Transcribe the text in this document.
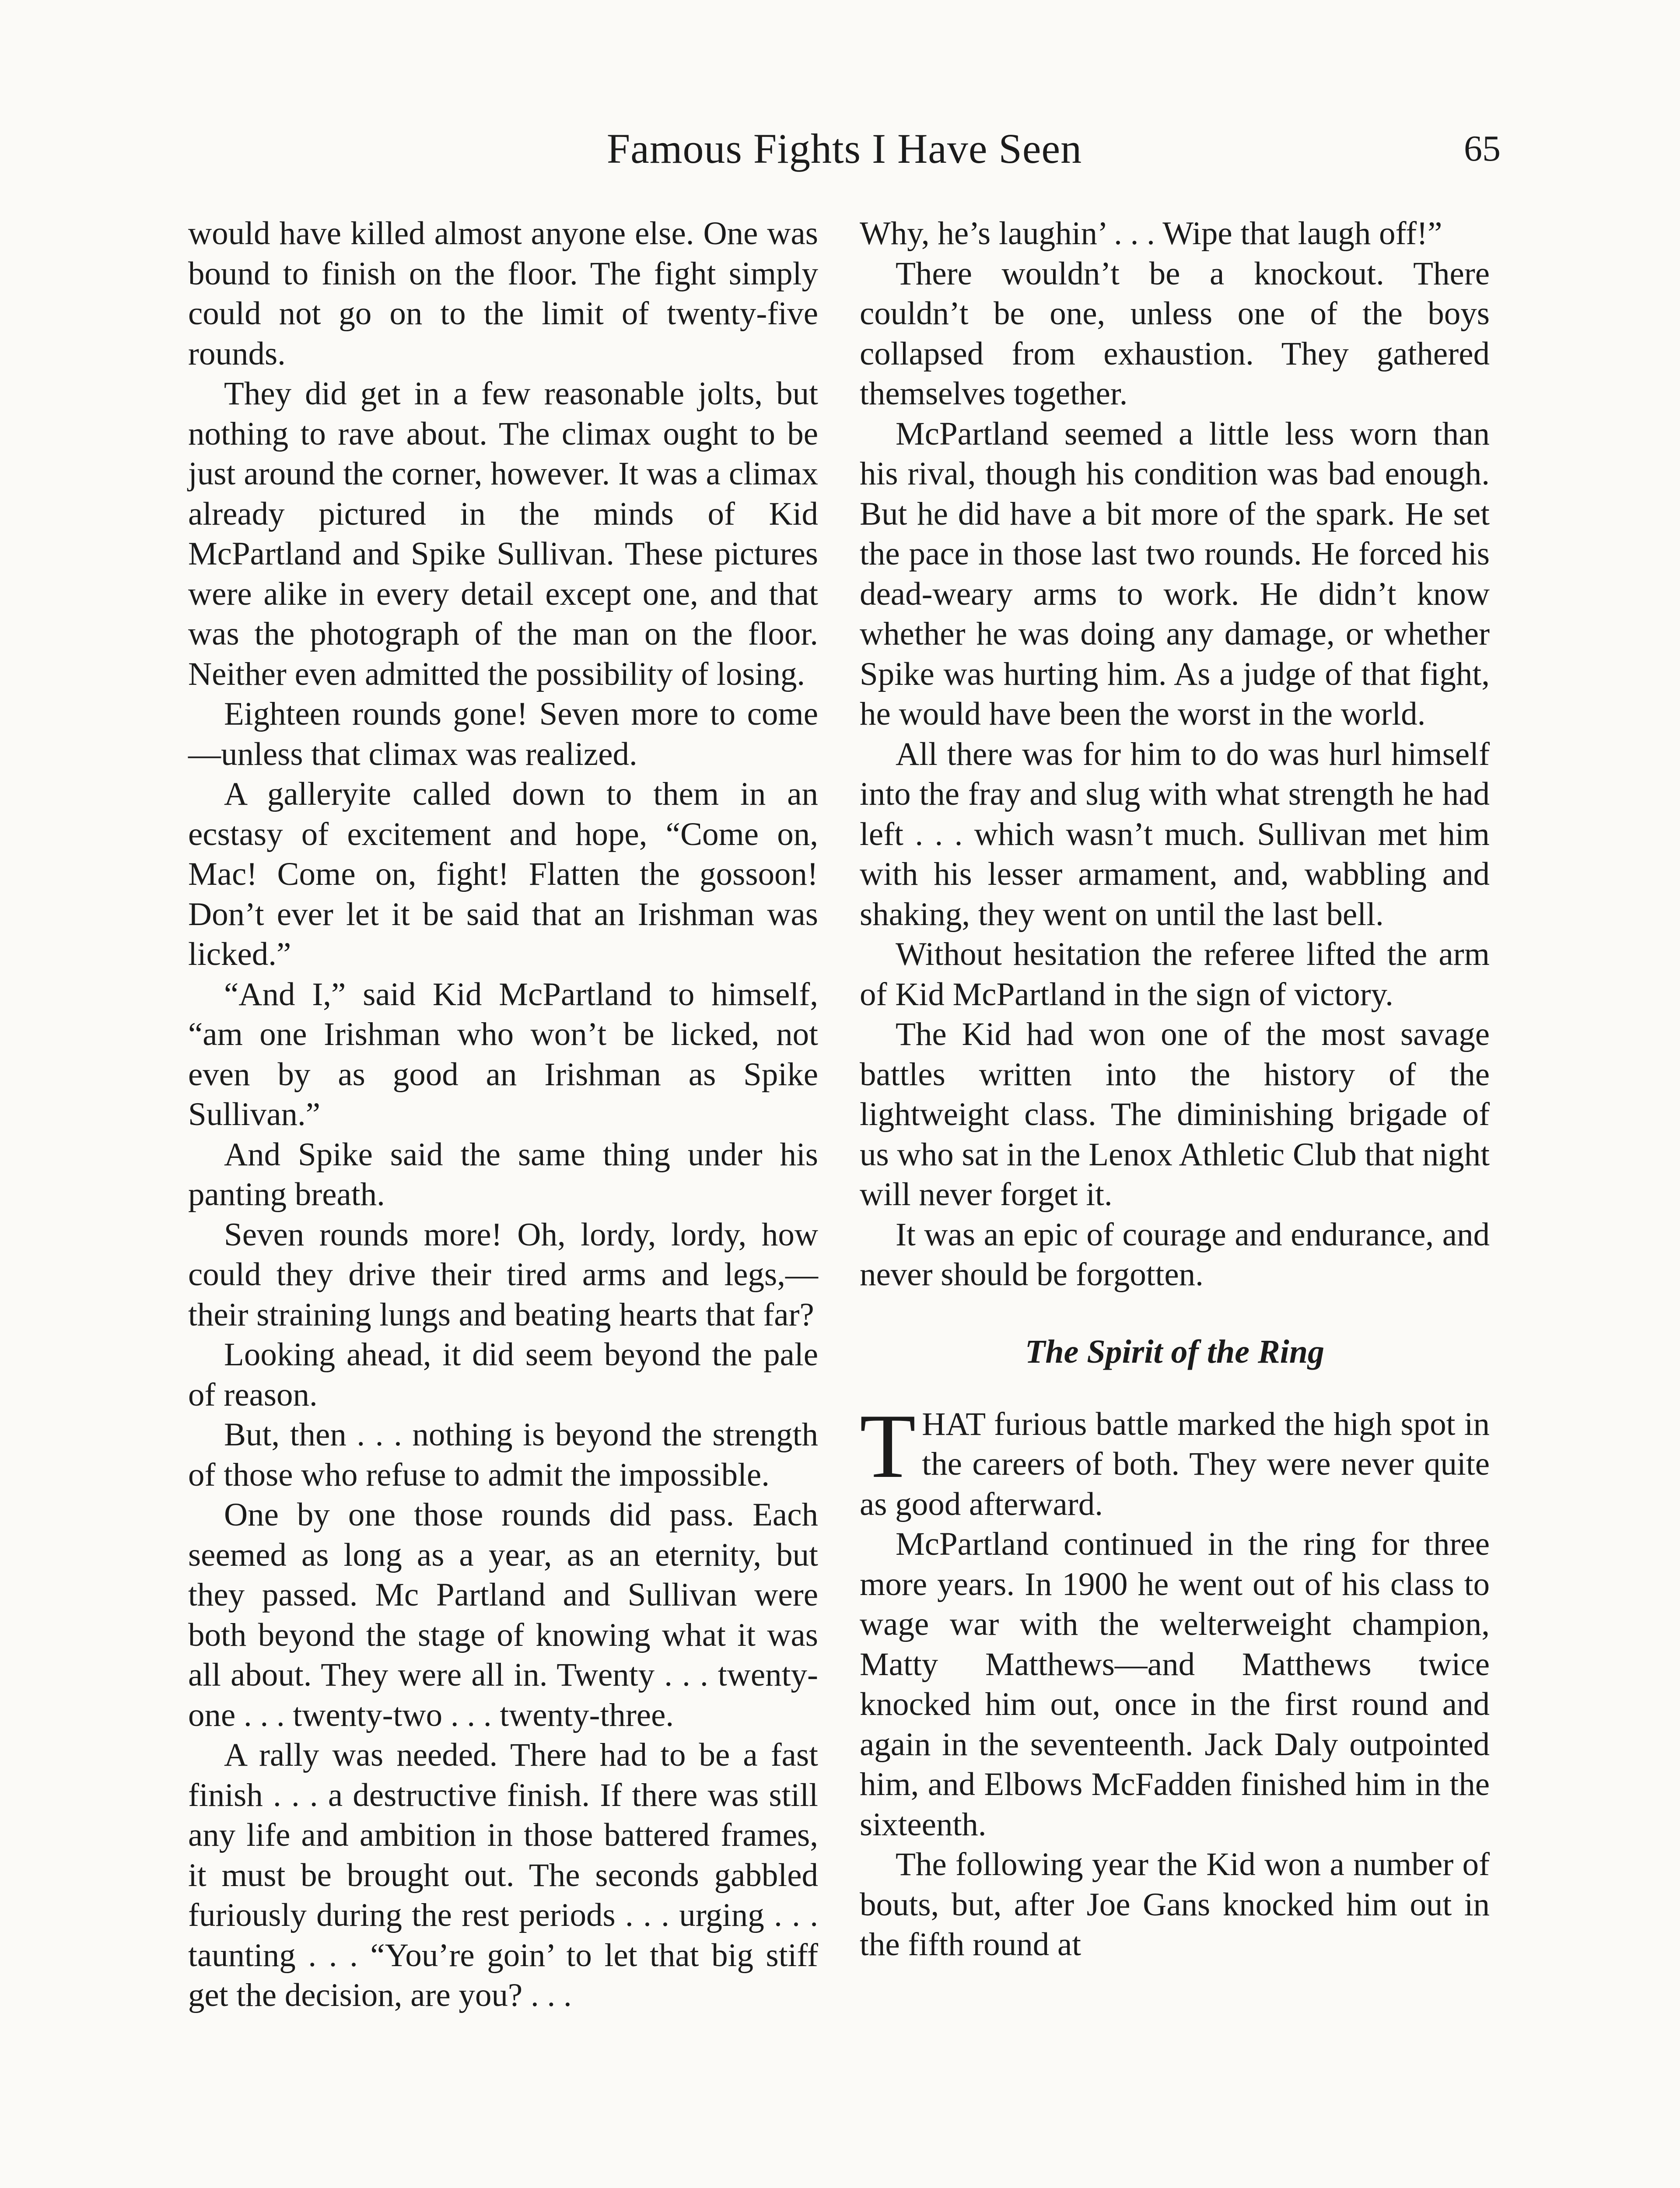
Famous Fights I Have Seen	65

would have killed almost anyone else. One was bound to finish on the floor. The fight simply could not go on to the limit of twenty-five rounds.

They did get in a few reasonable jolts, but nothing to rave about. The climax ought to be just around the corner, however. It was a climax already pictured in the minds of Kid McPartland and Spike Sullivan. These pictures were alike in every detail except one, and that was the photograph of the man on the floor. Neither even admitted the possibility of losing.

Eighteen rounds gone! Seven more to come—unless that climax was realized.

A galleryite called down to them in an ecstasy of excitement and hope, “Come on, Mac! Come on, fight! Flatten the gossoon! Don’t ever let it be said that an Irishman was licked.”

“And I,” said Kid McPartland to himself, “am one Irishman who won’t be licked, not even by as good an Irishman as Spike Sullivan.”

And Spike said the same thing under his panting breath.

Seven rounds more! Oh, lordy, lordy, how could they drive their tired arms and legs,—their straining lungs and beating hearts that far?

Looking ahead, it did seem beyond the pale of reason.

But, then . . . nothing is beyond the strength of those who refuse to admit the impossible.

One by one those rounds did pass. Each seemed as long as a year, as an eternity, but they passed. Mc Partland and Sullivan were both beyond the stage of knowing what it was all about. They were all in. Twenty . . . twenty-one . . . twenty-two . . . twenty-three.

A rally was needed. There had to be a fast finish . . . a destructive finish. If there was still any life and ambition in those battered frames, it must be brought out. The seconds gabbled furiously during the rest periods . . . urging . . . taunting . . . “You’re goin’ to let that big stiff get the decision, are you? . . .

Why, he’s laughin’ . . . Wipe that laugh off!”

There wouldn’t be a knockout. There couldn’t be one, unless one of the boys collapsed from exhaustion. They gathered themselves together.

McPartland seemed a little less worn than his rival, though his condition was bad enough. But he did have a bit more of the spark. He set the pace in those last two rounds. He forced his dead-weary arms to work. He didn’t know whether he was doing any damage, or whether Spike was hurting him. As a judge of that fight, he would have been the worst in the world.

All there was for him to do was hurl himself into the fray and slug with what strength he had left . . . which wasn’t much. Sullivan met him with his lesser armament, and, wabbling and shaking, they went on until the last bell.

Without hesitation the referee lifted the arm of Kid McPartland in the sign of victory.

The Kid had won one of the most savage battles written into the history of the lightweight class. The diminishing brigade of us who sat in the Lenox Athletic Club that night will never forget it.

It was an epic of courage and endurance, and never should be forgotten.

The Spirit of the Ring

THAT furious battle marked the high spot in the careers of both. They were never quite as good afterward.

McPartland continued in the ring for three more years. In 1900 he went out of his class to wage war with the welterweight champion, Matty Matthews—and Matthews twice knocked him out, once in the first round and again in the seventeenth. Jack Daly outpointed him, and Elbows McFadden finished him in the sixteenth.

The following year the Kid won a number of bouts, but, after Joe Gans knocked him out in the fifth round at
